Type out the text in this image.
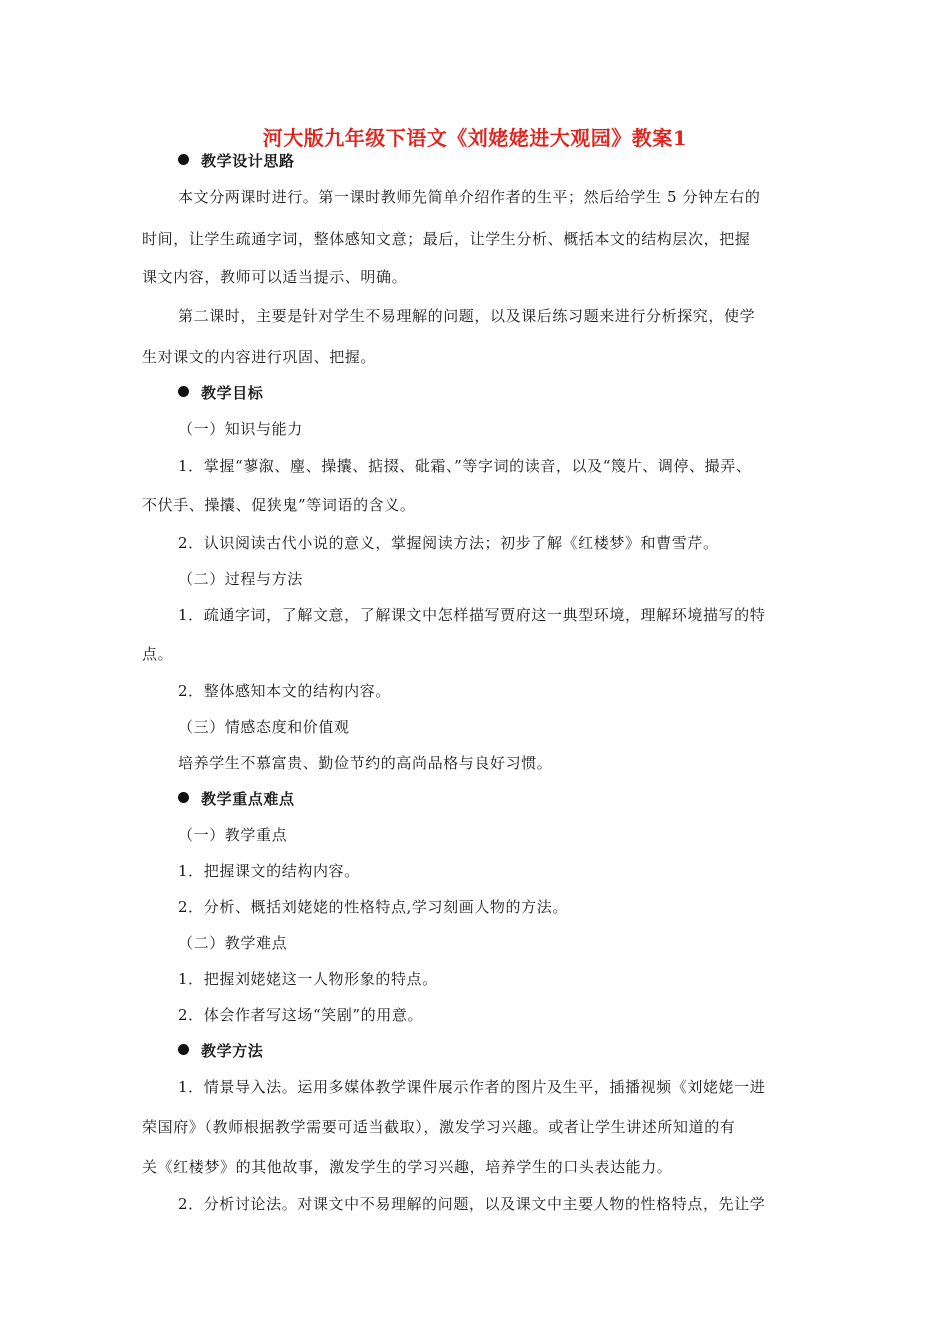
河大版九年级下语文《刘姥姥进大观园》教案1
教学设计思路
本文分两课时进行。第一课时教师先简单介绍作者的生平；然后给学生 5 分钟左右的
时间，让学生疏通字词，整体感知文意；最后，让学生分析、概括本文的结构层次，把握
课文内容，教师可以适当提示、明确。
第二课时，主要是针对学生不易理解的问题，以及课后练习题来进行分析探究，使学
生对课文的内容进行巩固、把握。
教学目标
（一）知识与能力
1．掌握“蓼溆、麈、操攮、掂掇、砒霜、”等字词的读音，以及“篾片、调停、撮弄、
不伏手、操攮、促狭鬼”等词语的含义。
2．认识阅读古代小说的意义，掌握阅读方法；初步了解《红楼梦》和曹雪芹。
（二）过程与方法
1．疏通字词，了解文意，了解课文中怎样描写贾府这一典型环境，理解环境描写的特
点。
2．整体感知本文的结构内容。
（三）情感态度和价值观
培养学生不慕富贵、勤俭节约的高尚品格与良好习惯。
教学重点难点
（一）教学重点
1．把握课文的结构内容。
2．分析、概括刘姥姥的性格特点,学习刻画人物的方法。
（二）教学难点
1．把握刘姥姥这一人物形象的特点。
2．体会作者写这场“笑剧”的用意。
教学方法
1．情景导入法。运用多媒体教学课件展示作者的图片及生平，插播视频《刘姥姥一进
荣国府》（教师根据教学需要可适当截取），激发学习兴趣。或者让学生讲述所知道的有
关《红楼梦》的其他故事，激发学生的学习兴趣，培养学生的口头表达能力。
2．分析讨论法。对课文中不易理解的问题，以及课文中主要人物的性格特点，先让学
